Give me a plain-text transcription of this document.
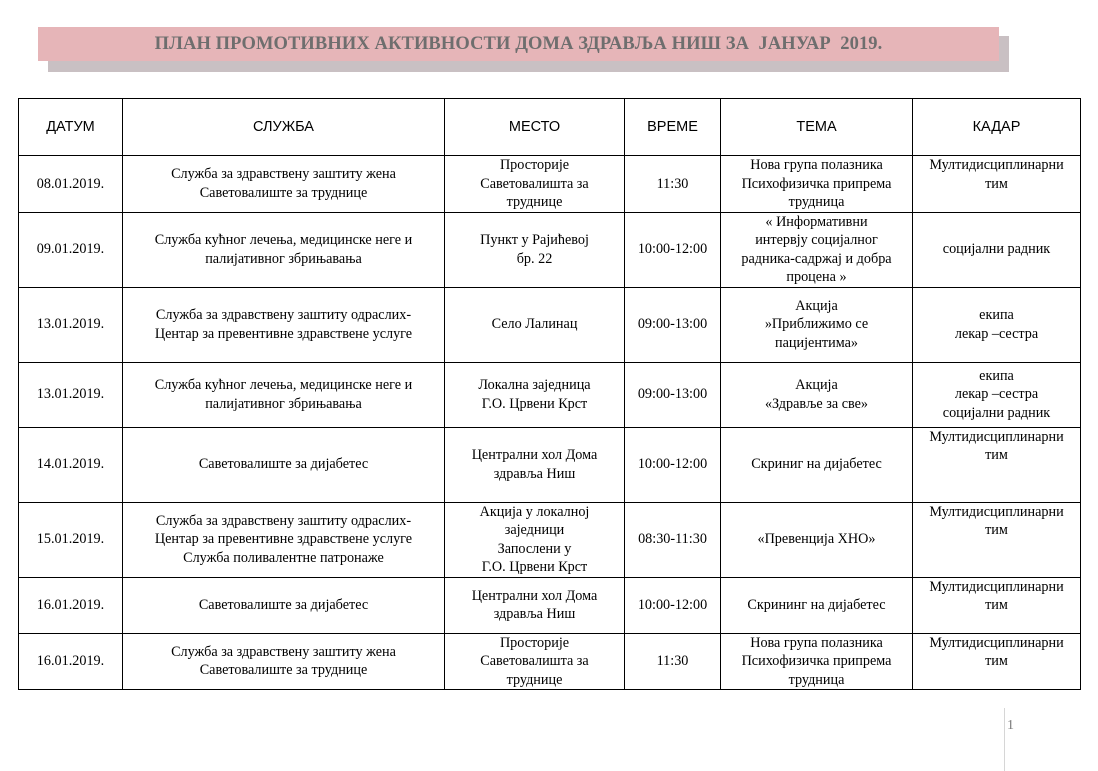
ПЛАН ПРОМОТИВНИХ АКТИВНОСТИ ДОМА ЗДРАВЉА НИШ ЗА  ЈАНУАР  2019.
ДАТУМ	СЛУЖБА	МЕСТО	ВРЕМЕ	ТЕМА	КАДАР
08.01.2019.	Служба за здравствену заштиту жена
Саветовалиште за труднице	Просторије
Саветовалишта за
труднице	11:30	Нова група полазника
Психофизичка припрема
трудница	Мултидисциплинарни
тим

09.01.2019.	Служба кућног лечења, медицинске неге и
палијативног збрињавања	Пункт у Рајићевој
бр. 22	10:00-12:00	« Информативни
интервју социјалног
радника-садржај и добра
процена »	социјални радник

13.01.2019.	Служба за здравствену заштиту одраслих-
Центар за превентивне здравствене услуге	Село Лалинац	09:00-13:00	Акција
»Приближимо се
пацијентима»	екипа
лекар –сестра

13.01.2019.	Служба кућног лечења, медицинске неге и
палијативног збрињавања	Локална заједница
Г.О. Црвени Крст	09:00-13:00	Акција
«Здравље за све»	екипа
лекар –сестра
социјални радник

14.01.2019.	Саветовалиште за дијабетес	Централни хол Дома
здравља Ниш	10:00-12:00	Скриниг на дијабетес	Мултидисциплинарни
тим

15.01.2019.	Служба за здравствену заштиту одраслих-
Центар за превентивне здравствене услуге
Служба поливалентне патронаже	Акција у локалној
заједници
Запослени у
Г.О. Црвени Крст	08:30-11:30	«Превенција ХНО»	Мултидисциплинарни
тим

16.01.2019.	Саветовалиште за дијабетес	Централни хол Дома
здравља Ниш	10:00-12:00	Скрининг на дијабетес	Мултидисциплинарни
тим

16.01.2019.	Служба за здравствену заштиту жена
Саветовалиште за труднице	Просторије
Саветовалишта за
труднице	11:30	Нова група полазника
Психофизичка припрема
трудница	Мултидисциплинарни
тим
1
